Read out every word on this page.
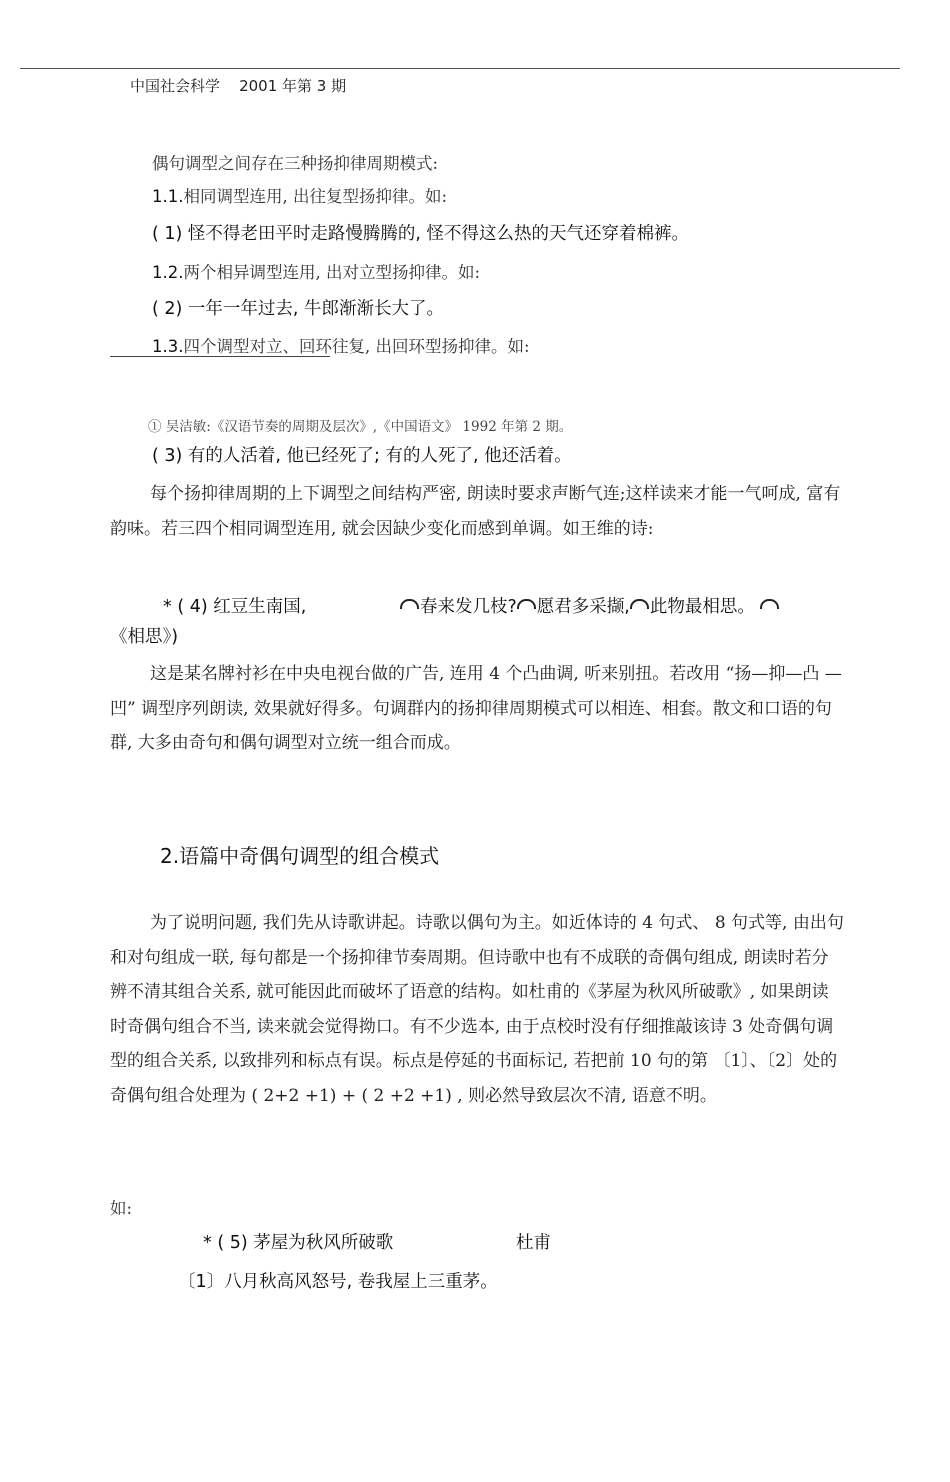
中国社会科学 2001 年第 3 期
偶句调型之间存在三种扬抑律周期模式:
1.1.相同调型连用, 出往复型扬抑律。如:
( 1) 怪不得老田平时走路慢腾腾的, 怪不得这么热的天气还穿着棉裤。
1.2.两个相异调型连用, 出对立型扬抑律。如:
( 2) 一年一年过去, 牛郎渐渐长大了。
1.3.四个调型对立、回环往复, 出回环型扬抑律。如:
① 吴洁敏:《汉语节奏的周期及层次》,《中国语文》 1992 年第 2 期。
( 3) 有的人活着, 他已经死了; 有的人死了, 他还活着。
每个扬抑律周期的上下调型之间结构严密, 朗读时要求声断气连;这样读来才能一气呵成, 富有韵味。若三四个相同调型连用, 就会因缺少变化而感到单调。如王维的诗:
* ( 4) 红豆生南国,	春来发几枝? 愿君多采撷, 此物最相思。
《相思》)
这是某名牌衬衫在中央电视台做的广告, 连用 4 个凸曲调, 听来别扭。若改用 “扬—抑—凸 —凹” 调型序列朗读, 效果就好得多。句调群内的扬抑律周期模式可以相连、相套。散文和口语的句群, 大多由奇句和偶句调型对立统一组合而成。
2.语篇中奇偶句调型的组合模式
为了说明问题, 我们先从诗歌讲起。诗歌以偶句为主。如近体诗的 4 句式、 8 句式等, 由出句和对句组成一联, 每句都是一个扬抑律节奏周期。但诗歌中也有不成联的奇偶句组成, 朗读时若分辨不清其组合关系, 就可能因此而破坏了语意的结构。如杜甫的《茅屋为秋风所破歌》, 如果朗读时奇偶句组合不当, 读来就会觉得拗口。有不少选本, 由于点校时没有仔细推敲该诗 3 处奇偶句调型的组合关系, 以致排列和标点有误。标点是停延的书面标记, 若把前 10 句的第 〔1〕、〔2〕处的奇偶句组合处理为 ( 2+2 +1) + ( 2 +2 +1) , 则必然导致层次不清, 语意不明。
如:
* ( 5) 茅屋为秋风所破歌	杜甫
〔1〕八月秋高风怒号, 卷我屋上三重茅。
